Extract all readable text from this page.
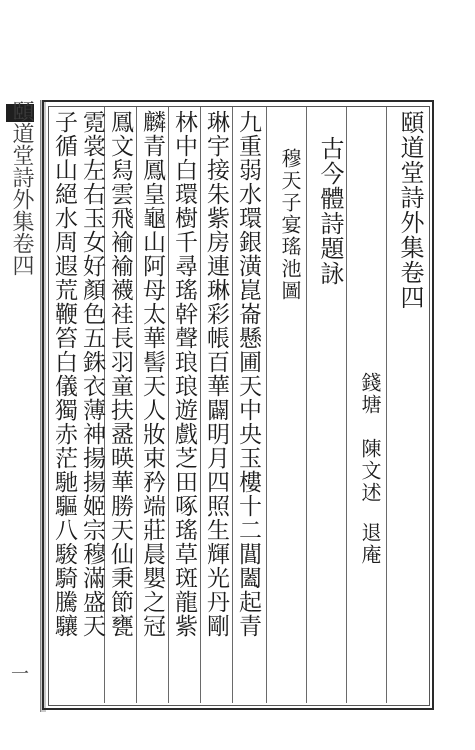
頤道堂詩外集卷四
一
頤道堂詩外集卷四
錢塘陳文述退庵
古今體詩題詠
穆天子宴瑤池圖
九重弱水環銀潢崑崙懸圃天中央玉樓十二閶闔起青
琳宇接朱紫房連琳彩帳百華闢明月四照生輝光丹剛
林中白環樹千尋瑤幹聲琅琅遊戲芝田啄瑤草斑龍紫
麟青鳳皇龜山阿母太華髻天人妝束矜端莊晨嬰之冠
鳳文舄雲飛褕褕襪袿長羽童扶盝暎華勝天仙秉節甕
霓裳左右玉女好顏色五銖衣薄神揚揚姬宗穆滿盛天
子循山絕水周遐荒鞭笞白儀獨赤茫馳驅八駿騎騰驤
